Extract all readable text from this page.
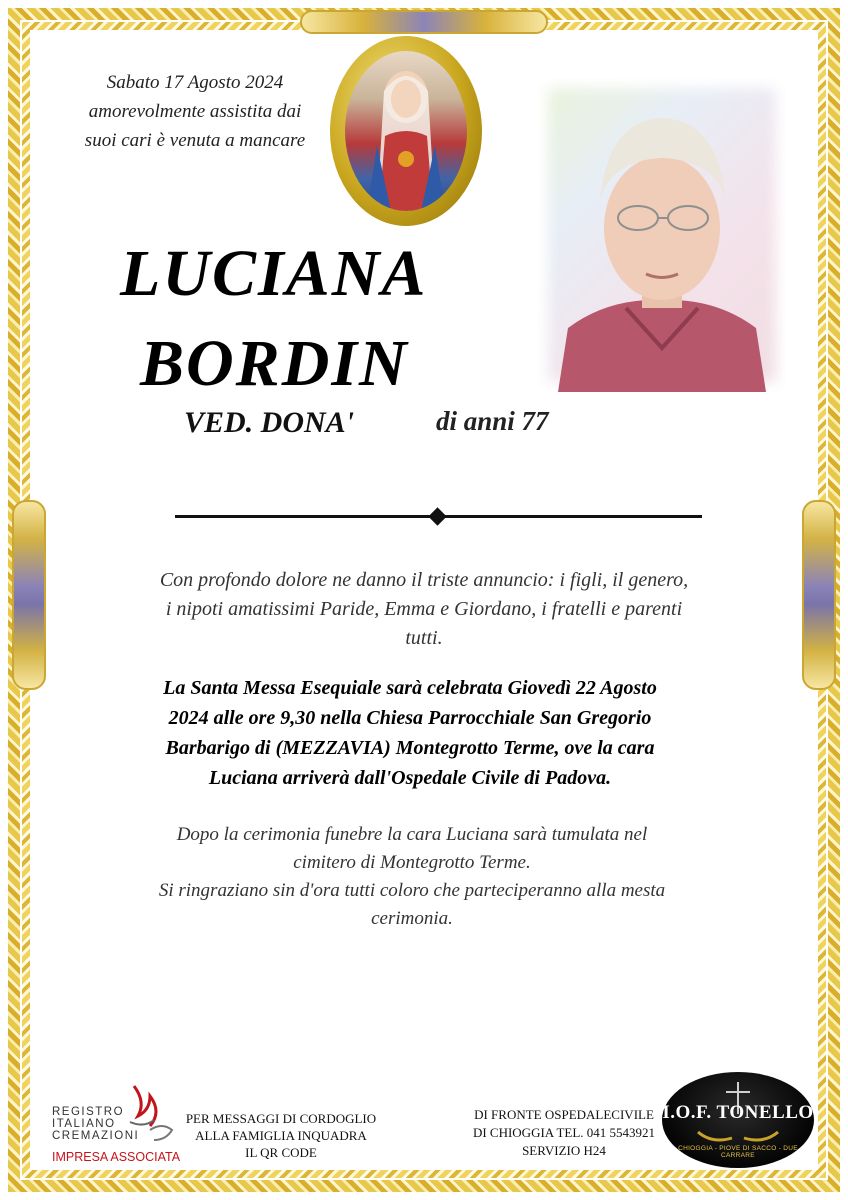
Sabato 17 Agosto 2024
amorevolmente assistita dai
suoi cari è venuta a mancare
LUCIANA
BORDIN
VED. DONA'	di anni 77
Con profondo dolore ne danno il triste annuncio: i figli, il genero,
i nipoti amatissimi Paride, Emma e Giordano, i fratelli e parenti
tutti.
La Santa Messa Esequiale sarà celebrata Giovedì 22 Agosto
2024 alle ore 9,30 nella Chiesa Parrocchiale San Gregorio
Barbarigo di (MEZZAVIA) Montegrotto Terme, ove la cara
Luciana arriverà dall'Ospedale Civile di Padova.
Dopo la cerimonia funebre la cara Luciana sarà tumulata nel
cimitero di Montegrotto Terme.
Si ringraziano sin d'ora tutti coloro che parteciperanno alla mesta
cerimonia.
REGISTRO
ITALIANO
CREMAZIONI
IMPRESA ASSOCIATA
PER MESSAGGI DI CORDOGLIO
ALLA FAMIGLIA INQUADRA
IL QR CODE
DI FRONTE OSPEDALECIVILE
DI CHIOGGIA TEL. 041 5543921
SERVIZIO H24
I.O.F. TONELLO
CHIOGGIA - PIOVE DI SACCO - DUE CARRARE
